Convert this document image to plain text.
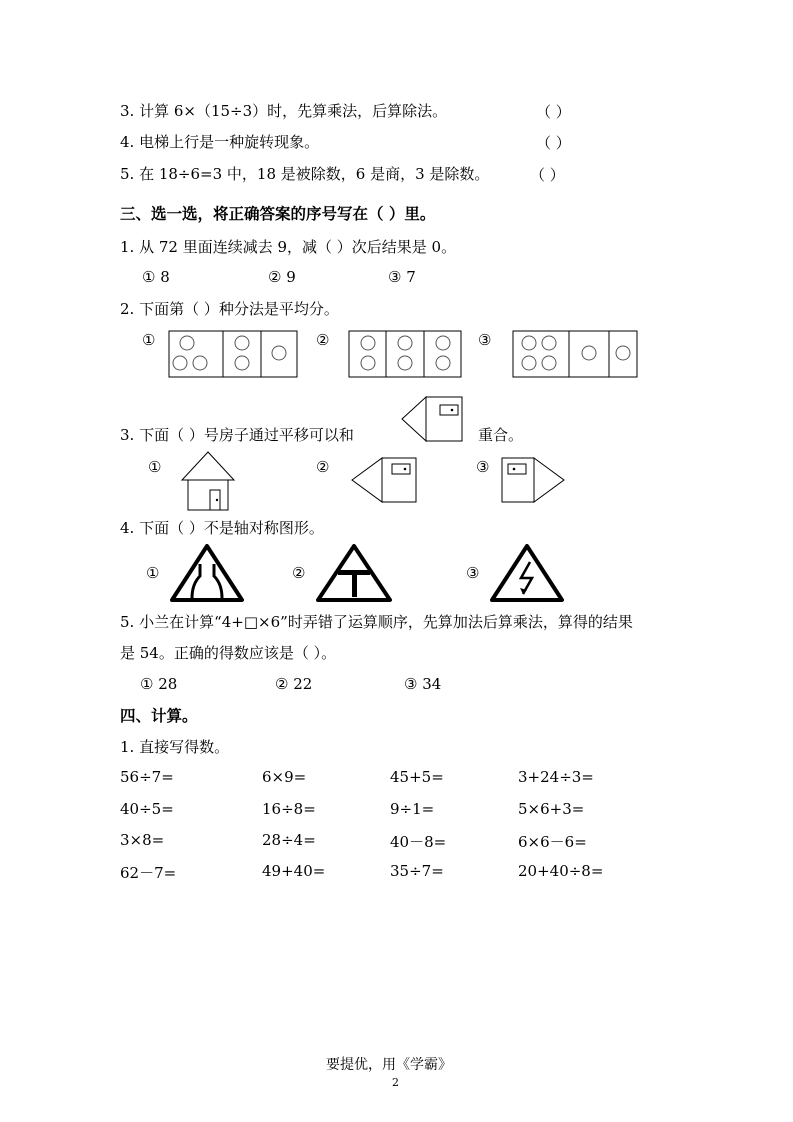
3. 计算 6×（15÷3）时，先算乘法，后算除法。	（ ）
4. 电梯上行是一种旋转现象。	（ ）
5. 在 18÷6=3 中，18 是被除数，6 是商，3 是除数。	（ ）
三、选一选，将正确答案的序号写在（ ）里。
1. 从 72 里面连续减去 9，减（ ）次后结果是 0。
① 8	② 9	③ 7
2. 下面第（ ）种分法是平均分。
①	②	③
3. 下面（ ）号房子通过平移可以和	重合。
①	②	③
4. 下面（ ）不是轴对称图形。
①	②	③
5. 小兰在计算“4+□×6”时弄错了运算顺序，先算加法后算乘法，算得的结果
是 54。正确的得数应该是（ ）。
① 28	② 22	③ 34
四、计算。
1. 直接写得数。
56÷7=	6×9=	45+5=	3+24÷3=
40÷5=	16÷8=	9÷1=	5×6+3=
3×8=	28÷4=	40－8=	6×6－6=
62－7=	49+40=	35÷7=	20+40÷8=
要提优，用《学霸》
2
